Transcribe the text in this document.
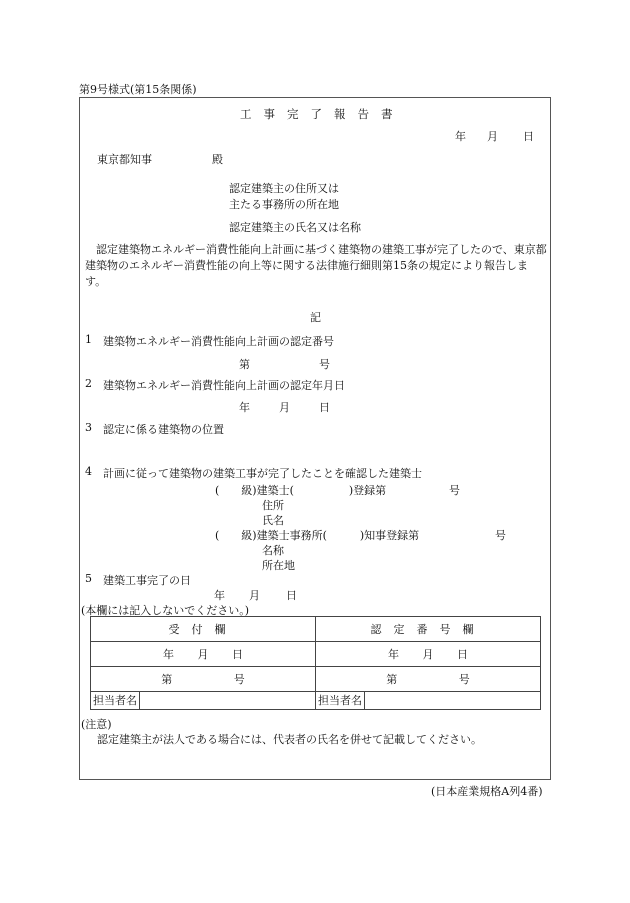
第9号様式(第15条関係)
工事完了報告書
年 月 日
東京都知事	殿
認定建築主の住所又は
主たる事務所の所在地
認定建築主の氏名又は名称
認定建築物エネルギー消費性能向上計画に基づく建築物の建築工事が完了したので、東京都建築物のエネルギー消費性能の向上等に関する法律施行細則第15条の規定により報告します。
記
1 建築物エネルギー消費性能向上計画の認定番号
第	号
2 建築物エネルギー消費性能向上計画の認定年月日
年	月	日
3 認定に係る建築物の位置
4 計画に従って建築物の建築工事が完了したことを確認した建築士
(　　級)建築士(　　　　　)登録第	号
住所
氏名
(　　級)建築士事務所(　　　)知事登録第	号
名称
所在地
5 建築工事完了の日
年 月 日
(本欄には記入しないでください。)
受付欄	認定番号欄
年 月 日	年 月 日
第 号	第 号

担当者名	担当者名
(注意)
認定建築主が法人である場合には、代表者の氏名を併せて記載してください。
(日本産業規格A列4番)
